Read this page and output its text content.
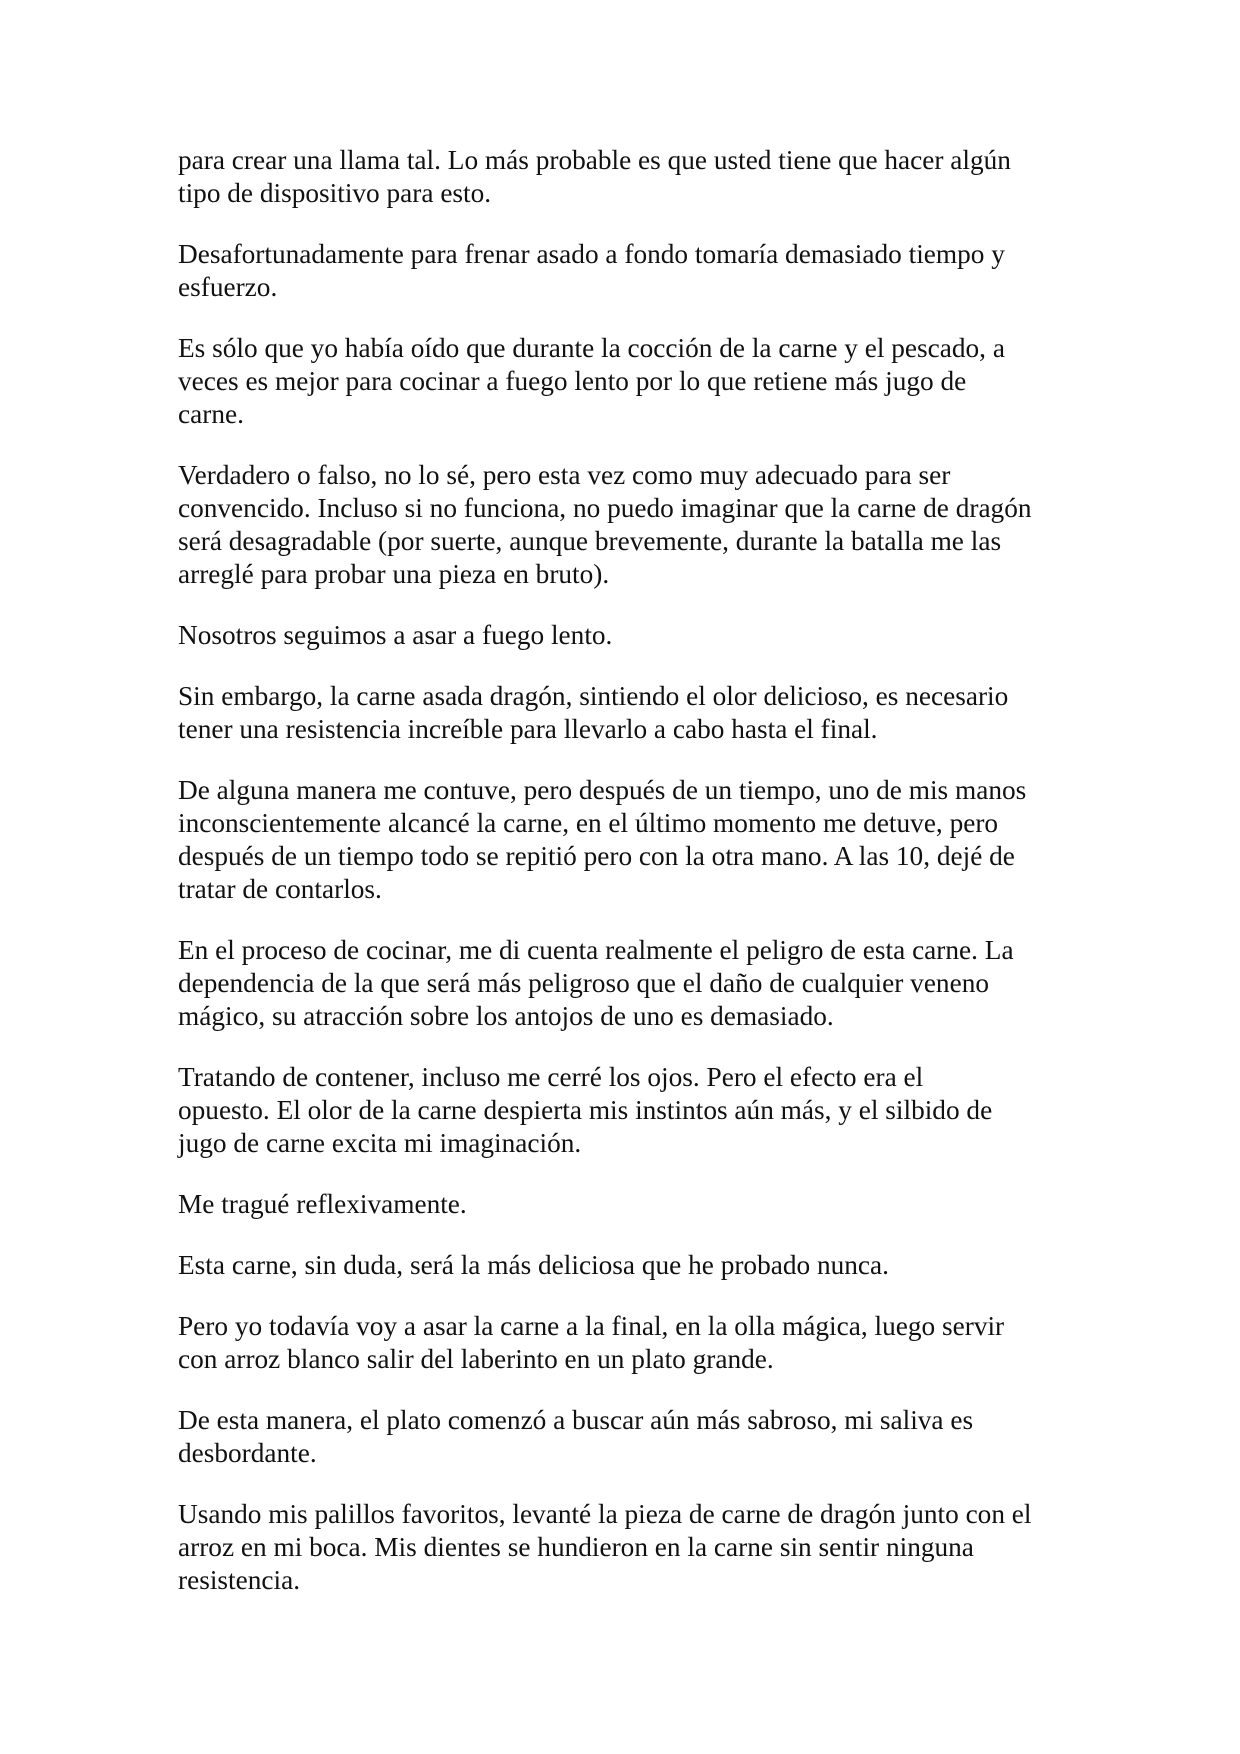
para crear una llama tal. Lo más probable es que usted tiene que hacer algún
tipo de dispositivo para esto.

Desafortunadamente para frenar asado a fondo tomaría demasiado tiempo y
esfuerzo.

Es sólo que yo había oído que durante la cocción de la carne y el pescado, a
veces es mejor para cocinar a fuego lento por lo que retiene más jugo de
carne.

Verdadero o falso, no lo sé, pero esta vez como muy adecuado para ser
convencido. Incluso si no funciona, no puedo imaginar que la carne de dragón
será desagradable (por suerte, aunque brevemente, durante la batalla me las
arreglé para probar una pieza en bruto).

Nosotros seguimos a asar a fuego lento.

Sin embargo, la carne asada dragón, sintiendo el olor delicioso, es necesario
tener una resistencia increíble para llevarlo a cabo hasta el final.

De alguna manera me contuve, pero después de un tiempo, uno de mis manos
inconscientemente alcancé la carne, en el último momento me detuve, pero
después de un tiempo todo se repitió pero con la otra mano. A las 10, dejé de
tratar de contarlos.

En el proceso de cocinar, me di cuenta realmente el peligro de esta carne. La
dependencia de la que será más peligroso que el daño de cualquier veneno
mágico, su atracción sobre los antojos de uno es demasiado.

Tratando de contener, incluso me cerré los ojos. Pero el efecto era el
opuesto. El olor de la carne despierta mis instintos aún más, y el silbido de
jugo de carne excita mi imaginación.

Me tragué reflexivamente.

Esta carne, sin duda, será la más deliciosa que he probado nunca.

Pero yo todavía voy a asar la carne a la final, en la olla mágica, luego servir
con arroz blanco salir del laberinto en un plato grande.

De esta manera, el plato comenzó a buscar aún más sabroso, mi saliva es
desbordante.

Usando mis palillos favoritos, levanté la pieza de carne de dragón junto con el
arroz en mi boca. Mis dientes se hundieron en la carne sin sentir ninguna
resistencia.
